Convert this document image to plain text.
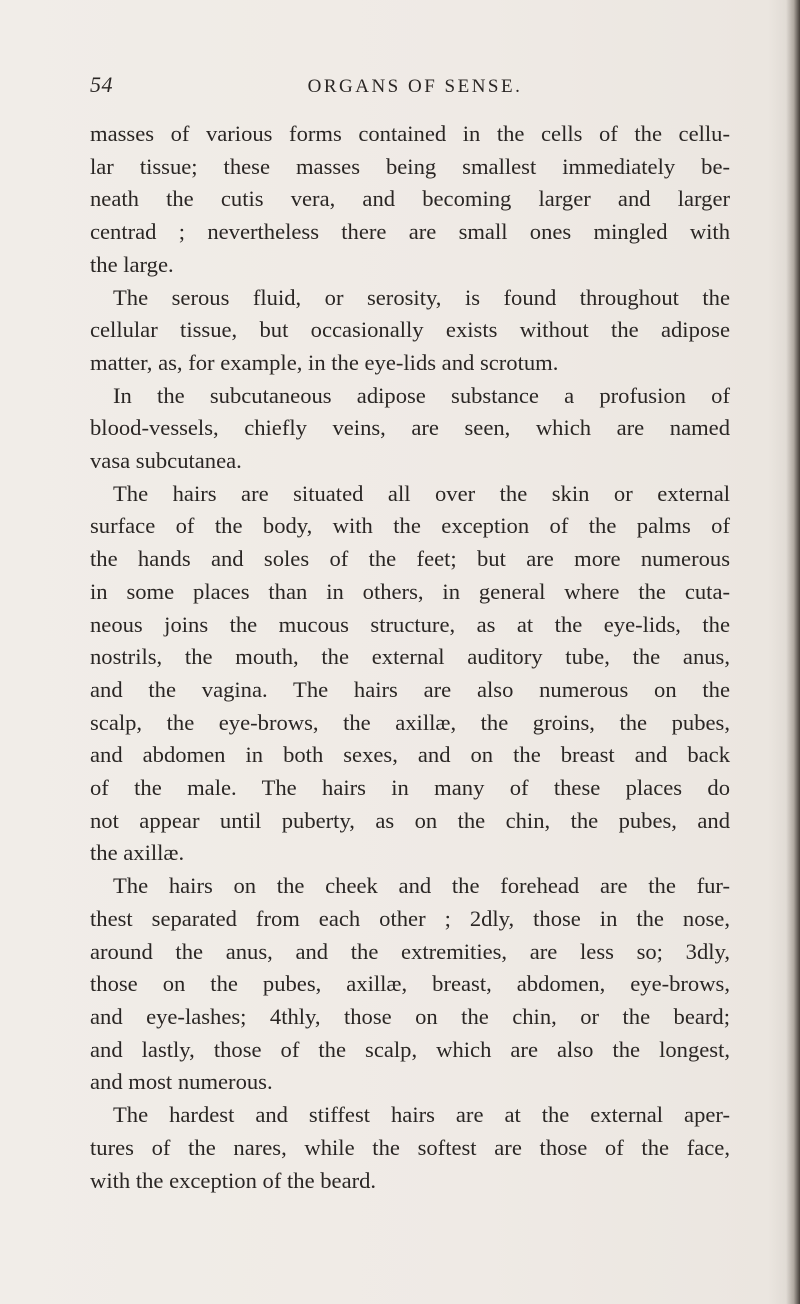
54	ORGANS OF SENSE.

masses of various forms contained in the cells of the cellu-
lar tissue; these masses being smallest immediately be-
neath the cutis vera, and becoming larger and larger
centrad ; nevertheless there are small ones mingled with
the large.

The serous fluid, or serosity, is found throughout the
cellular tissue, but occasionally exists without the adipose
matter, as, for example, in the eye-lids and scrotum.

In the subcutaneous adipose substance a profusion of
blood-vessels, chiefly veins, are seen, which are named
vasa subcutanea.

The hairs are situated all over the skin or external
surface of the body, with the exception of the palms of
the hands and soles of the feet; but are more numerous
in some places than in others, in general where the cuta-
neous joins the mucous structure, as at the eye-lids, the
nostrils, the mouth, the external auditory tube, the anus,
and the vagina. The hairs are also numerous on the
scalp, the eye-brows, the axillæ, the groins, the pubes,
and abdomen in both sexes, and on the breast and back
of the male. The hairs in many of these places do
not appear until puberty, as on the chin, the pubes, and
the axillæ.

The hairs on the cheek and the forehead are the fur-
thest separated from each other ; 2dly, those in the nose,
around the anus, and the extremities, are less so; 3dly,
those on the pubes, axillæ, breast, abdomen, eye-brows,
and eye-lashes; 4thly, those on the chin, or the beard;
and lastly, those of the scalp, which are also the longest,
and most numerous.

The hardest and stiffest hairs are at the external aper-
tures of the nares, while the softest are those of the face,
with the exception of the beard.
